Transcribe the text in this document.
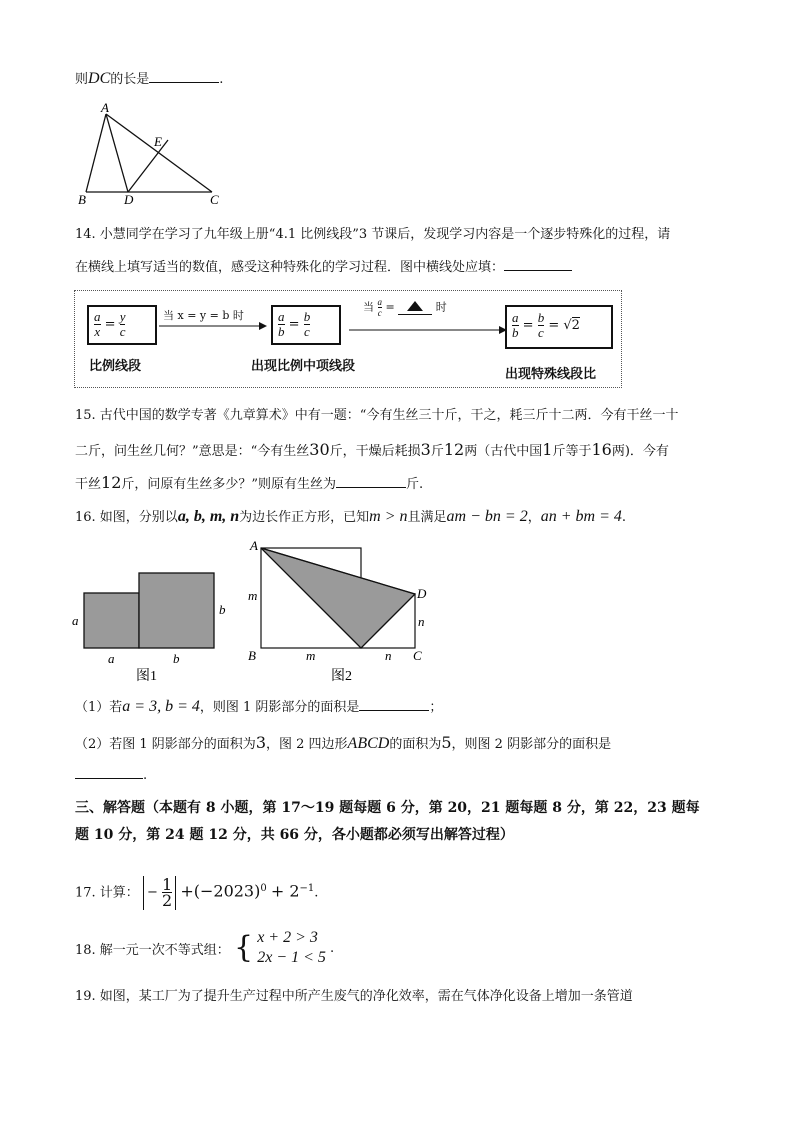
则DC的长是	.
A
B	C
D
E
14. 小慧同学在学习了九年级上册“4.1 比例线段”3 节课后，发现学习内容是一个逐步特殊化的过程，请
在横线上填写适当的数值，感受这种特殊化的学习过程．图中横线处应填：
$\frac{a}{x} = \frac{y}{c}$
比例线段
当 x = y = b 时	$\frac{a}{b} = \frac{b}{c}$
出现比例中项线段
当 $\frac{a}{c}$ =	时
$\frac{a}{b} = \frac{b}{c} = √2$
出现特殊线段比
15. 古代中国的数学专著《九章算术》中有一题：“今有生丝三十斤，干之，耗三斤十二两．今有干丝一十
二斤，问生丝几何？”意思是：“今有生丝30斤，干燥后耗损3斤12两（古代中国1斤等于16两)．今有
干丝12斤，问原有生丝多少？”则原有生丝为	斤.
16. 如图，分别以a, b, m, n为边长作正方形，已知m > n且满足am − bn = 2，an + bm = 4.
a
a	b
b
图1
A
B	C
D
m
m
n
n
图2
（1）若a = 3, b = 4，则图 1 阴影部分的面积是	；
（2）若图 1 阴影部分的面积为3，图 2 四边形ABCD的面积为5，则图 2 阴影部分的面积是
.
三、解答题（本题有 8 小题，第 17～19 题每题 6 分，第 20，21 题每题 8 分，第 22，23 题每
题 10 分，第 24 题 12 分，共 66 分，各小题都必须写出解答过程）
17. 计算： − $\frac{1}{2} +(-2023)^0 + 2^{-1}$.
18. 解一元一次不等式组： { x + 2 > 3
2x − 1 < 5
.
19. 如图，某工厂为了提升生产过程中所产生废气的净化效率，需在气体净化设备上增加一条管道
